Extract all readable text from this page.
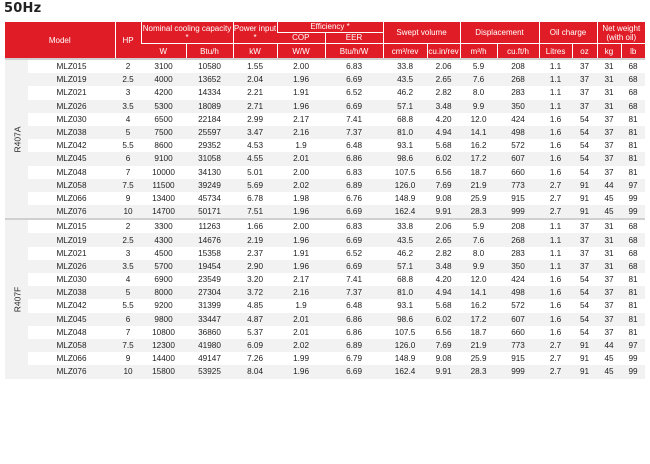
50Hz
Model		HP	Nominal cooling capacity *		Power input *	Efficiency *		Swept volume		Displacement		Oil charge		Net weight (with oil)	
						COP	EER								
			W	Btu/h	kW	W/W	Btu/h/W	cm³/rev	cu.in/rev	m³/h	cu.ft/h	Litres	oz	kg	lb
R407A	MLZ015	2	3100	10580	1.55	2.00	6.83	33.8	2.06	5.9	208	1.1	37	31	68
	MLZ019	2.5	4000	13652	2.04	1.96	6.69	43.5	2.65	7.6	268	1.1	37	31	68
	MLZ021	3	4200	14334	2.21	1.91	6.52	46.2	2.82	8.0	283	1.1	37	31	68
	MLZ026	3.5	5300	18089	2.71	1.96	6.69	57.1	3.48	9.9	350	1.1	37	31	68
	MLZ030	4	6500	22184	2.99	2.17	7.41	68.8	4.20	12.0	424	1.6	54	37	81
	MLZ038	5	7500	25597	3.47	2.16	7.37	81.0	4.94	14.1	498	1.6	54	37	81
	MLZ042	5.5	8600	29352	4.53	1.9	6.48	93.1	5.68	16.2	572	1.6	54	37	81
	MLZ045	6	9100	31058	4.55	2.01	6.86	98.6	6.02	17.2	607	1.6	54	37	81
	MLZ048	7	10000	34130	5.01	2.00	6.83	107.5	6.56	18.7	660	1.6	54	37	81
	MLZ058	7.5	11500	39249	5.69	2.02	6.89	126.0	7.69	21.9	773	2.7	91	44	97
	MLZ066	9	13400	45734	6.78	1.98	6.76	148.9	9.08	25.9	915	2.7	91	45	99
	MLZ076	10	14700	50171	7.51	1.96	6.69	162.4	9.91	28.3	999	2.7	91	45	99
R407F	MLZ015	2	3300	11263	1.66	2.00	6.83	33.8	2.06	5.9	208	1.1	37	31	68
	MLZ019	2.5	4300	14676	2.19	1.96	6.69	43.5	2.65	7.6	268	1.1	37	31	68
	MLZ021	3	4500	15358	2.37	1.91	6.52	46.2	2.82	8.0	283	1.1	37	31	68
	MLZ026	3.5	5700	19454	2.90	1.96	6.69	57.1	3.48	9.9	350	1.1	37	31	68
	MLZ030	4	6900	23549	3.20	2.17	7.41	68.8	4.20	12.0	424	1.6	54	37	81
	MLZ038	5	8000	27304	3.72	2.16	7.37	81.0	4.94	14.1	498	1.6	54	37	81
	MLZ042	5.5	9200	31399	4.85	1.9	6.48	93.1	5.68	16.2	572	1.6	54	37	81
	MLZ045	6	9800	33447	4.87	2.01	6.86	98.6	6.02	17.2	607	1.6	54	37	81
	MLZ048	7	10800	36860	5.37	2.01	6.86	107.5	6.56	18.7	660	1.6	54	37	81
	MLZ058	7.5	12300	41980	6.09	2.02	6.89	126.0	7.69	21.9	773	2.7	91	44	97
	MLZ066	9	14400	49147	7.26	1.99	6.79	148.9	9.08	25.9	915	2.7	91	45	99
	MLZ076	10	15800	53925	8.04	1.96	6.69	162.4	9.91	28.3	999	2.7	91	45	99
